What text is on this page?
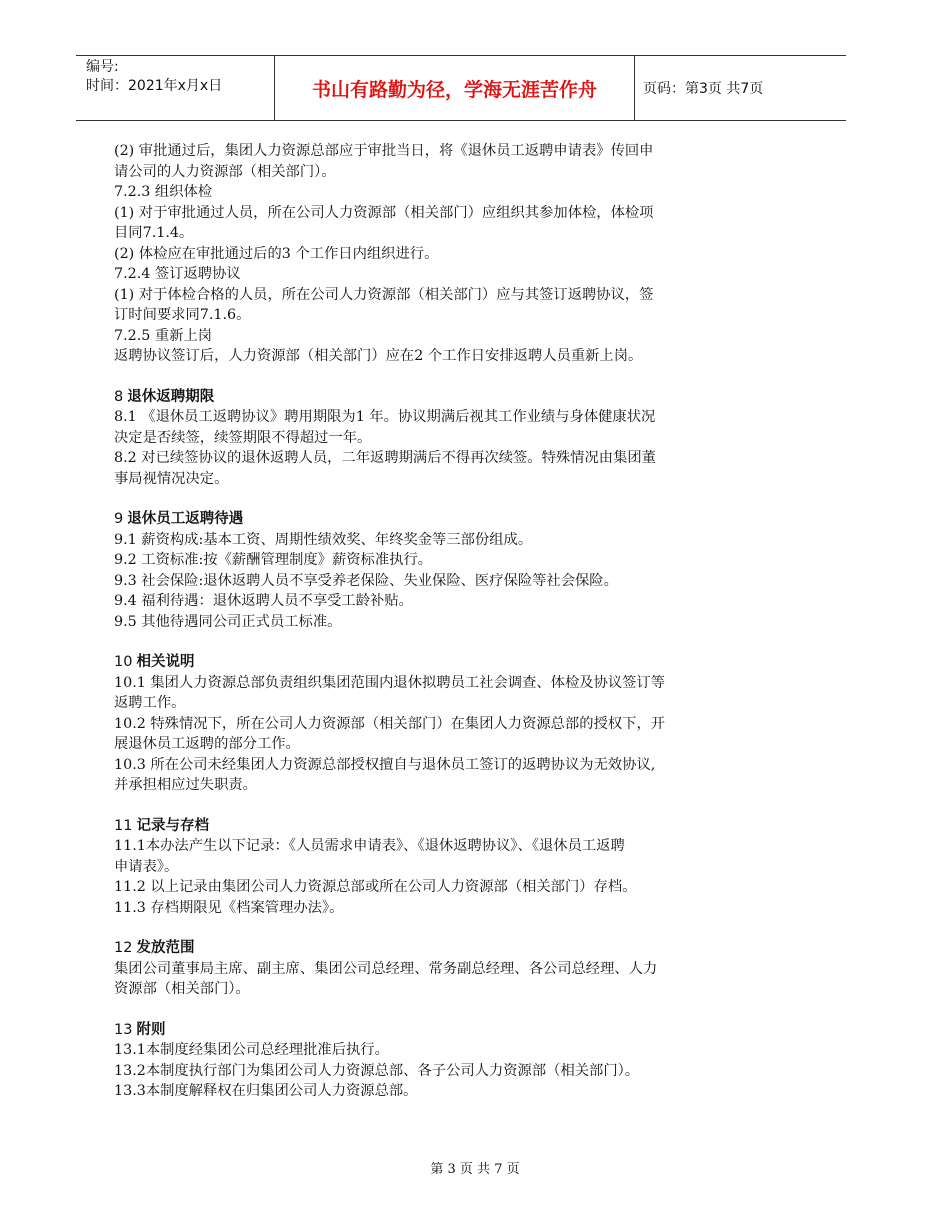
编号:
时间：2021年x月x日	书山有路勤为径，学海无涯苦作舟	页码：第3页 共7页

(2) 审批通过后，集团人力资源总部应于审批当日，将《退休员工返聘申请表》传回申

请公司的人力资源部（相关部门）。

7.2.3 组织体检

(1) 对于审批通过人员，所在公司人力资源部（相关部门）应组织其参加体检，体检项

目同7.1.4。

(2) 体检应在审批通过后的3 个工作日内组织进行。

7.2.4 签订返聘协议

(1) 对于体检合格的人员，所在公司人力资源部（相关部门）应与其签订返聘协议，签

订时间要求同7.1.6。

7.2.5 重新上岗

返聘协议签订后，人力资源部（相关部门）应在2 个工作日安排返聘人员重新上岗。

8 退休返聘期限

8.1 《退休员工返聘协议》聘用期限为1 年。协议期满后视其工作业绩与身体健康状况

决定是否续签，续签期限不得超过一年。

8.2 对已续签协议的退休返聘人员，二年返聘期满后不得再次续签。特殊情况由集团董

事局视情况决定。

9 退休员工返聘待遇

9.1 薪资构成:基本工资、周期性绩效奖、年终奖金等三部份组成。

9.2 工资标准:按《薪酬管理制度》薪资标准执行。

9.3 社会保险:退休返聘人员不享受养老保险、失业保险、医疗保险等社会保险。

9.4 福利待遇：退休返聘人员不享受工龄补贴。

9.5 其他待遇同公司正式员工标准。

10 相关说明

10.1 集团人力资源总部负责组织集团范围内退休拟聘员工社会调查、体检及协议签订等

返聘工作。

10.2 特殊情况下，所在公司人力资源部（相关部门）在集团人力资源总部的授权下，开

展退休员工返聘的部分工作。

10.3 所在公司未经集团人力资源总部授权擅自与退休员工签订的返聘协议为无效协议,

并承担相应过失职责。

11 记录与存档

11.1本办法产生以下记录：《人员需求申请表》、《退休返聘协议》、《退休员工返聘

申请表》。

11.2 以上记录由集团公司人力资源总部或所在公司人力资源部（相关部门）存档。

11.3 存档期限见《档案管理办法》。

12 发放范围

集团公司董事局主席、副主席、集团公司总经理、常务副总经理、各公司总经理、人力

资源部（相关部门）。

13 附则

13.1本制度经集团公司总经理批准后执行。

13.2本制度执行部门为集团公司人力资源总部、各子公司人力资源部（相关部门）。

13.3本制度解释权在归集团公司人力资源总部。

第 3 页 共 7 页
